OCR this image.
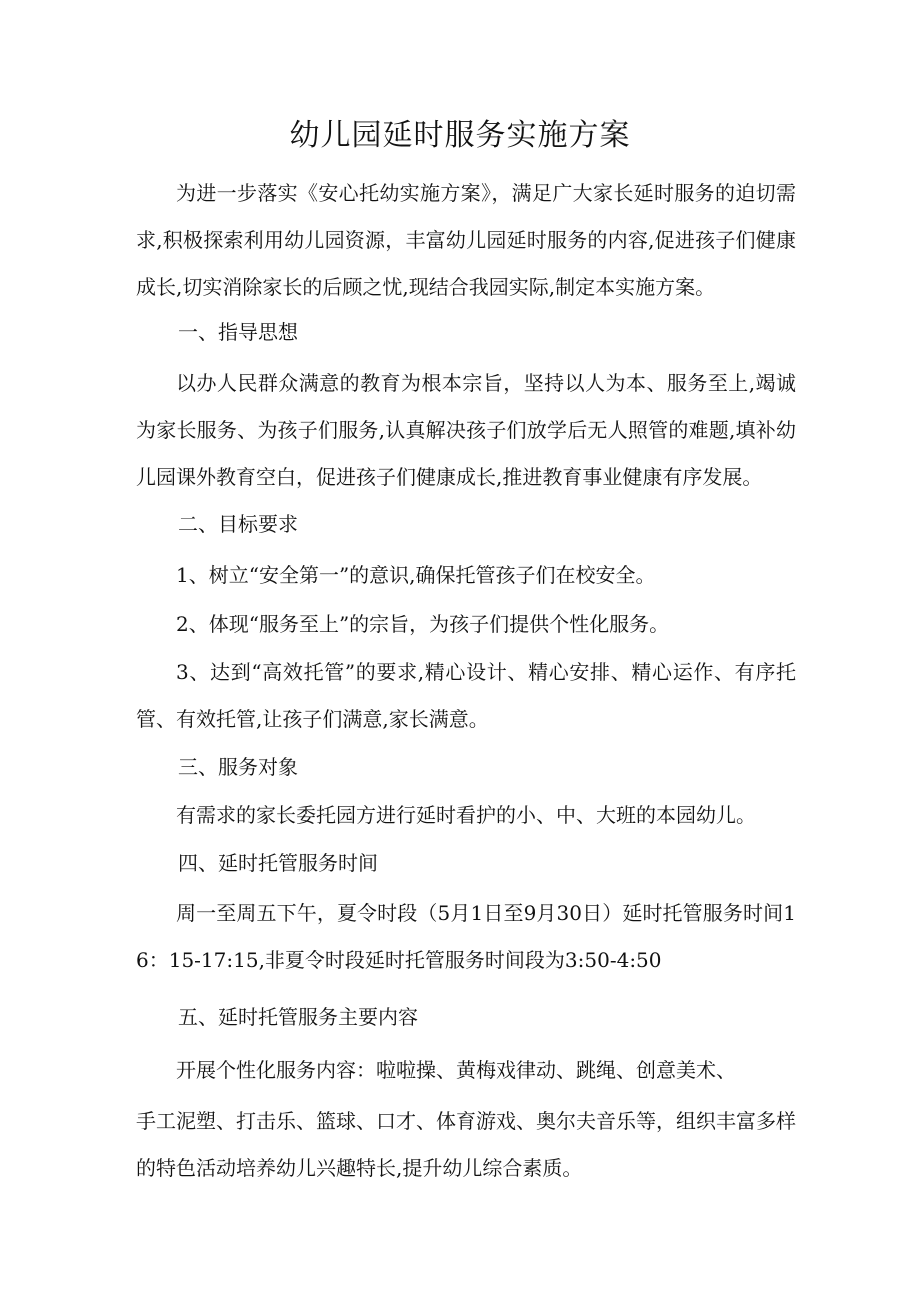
幼儿园延时服务实施方案
为进一步落实《安心托幼实施方案》，满足广大家长延时服务的迫切需求,积极探索利用幼儿园资源，丰富幼儿园延时服务的内容,促进孩子们健康成长,切实消除家长的后顾之忧,现结合我园实际,制定本实施方案。
一、指导思想
以办人民群众满意的教育为根本宗旨，坚持以人为本、服务至上,竭诚为家长服务、为孩子们服务,认真解决孩子们放学后无人照管的难题,填补幼儿园课外教育空白，促进孩子们健康成长,推进教育事业健康有序发展。
二、目标要求
1、树立“安全第一”的意识,确保托管孩子们在校安全。
2、体现“服务至上”的宗旨，为孩子们提供个性化服务。
3、达到“高效托管”的要求,精心设计、精心安排、精心运作、有序托管、有效托管,让孩子们满意,家长满意。
三、服务对象
有需求的家长委托园方进行延时看护的小、中、大班的本园幼儿。
四、延时托管服务时间
周一至周五下午，夏令时段（5月1日至9月30日）延时托管服务时间16：15-17:15,非夏令时段延时托管服务时间段为3:50-4:50
五、延时托管服务主要内容
开展个性化服务内容：啦啦操、黄梅戏律动、跳绳、创意美术、
手工泥塑、打击乐、篮球、口才、体育游戏、奥尔夫音乐等，组织丰富多样的特色活动培养幼儿兴趣特长,提升幼儿综合素质。
